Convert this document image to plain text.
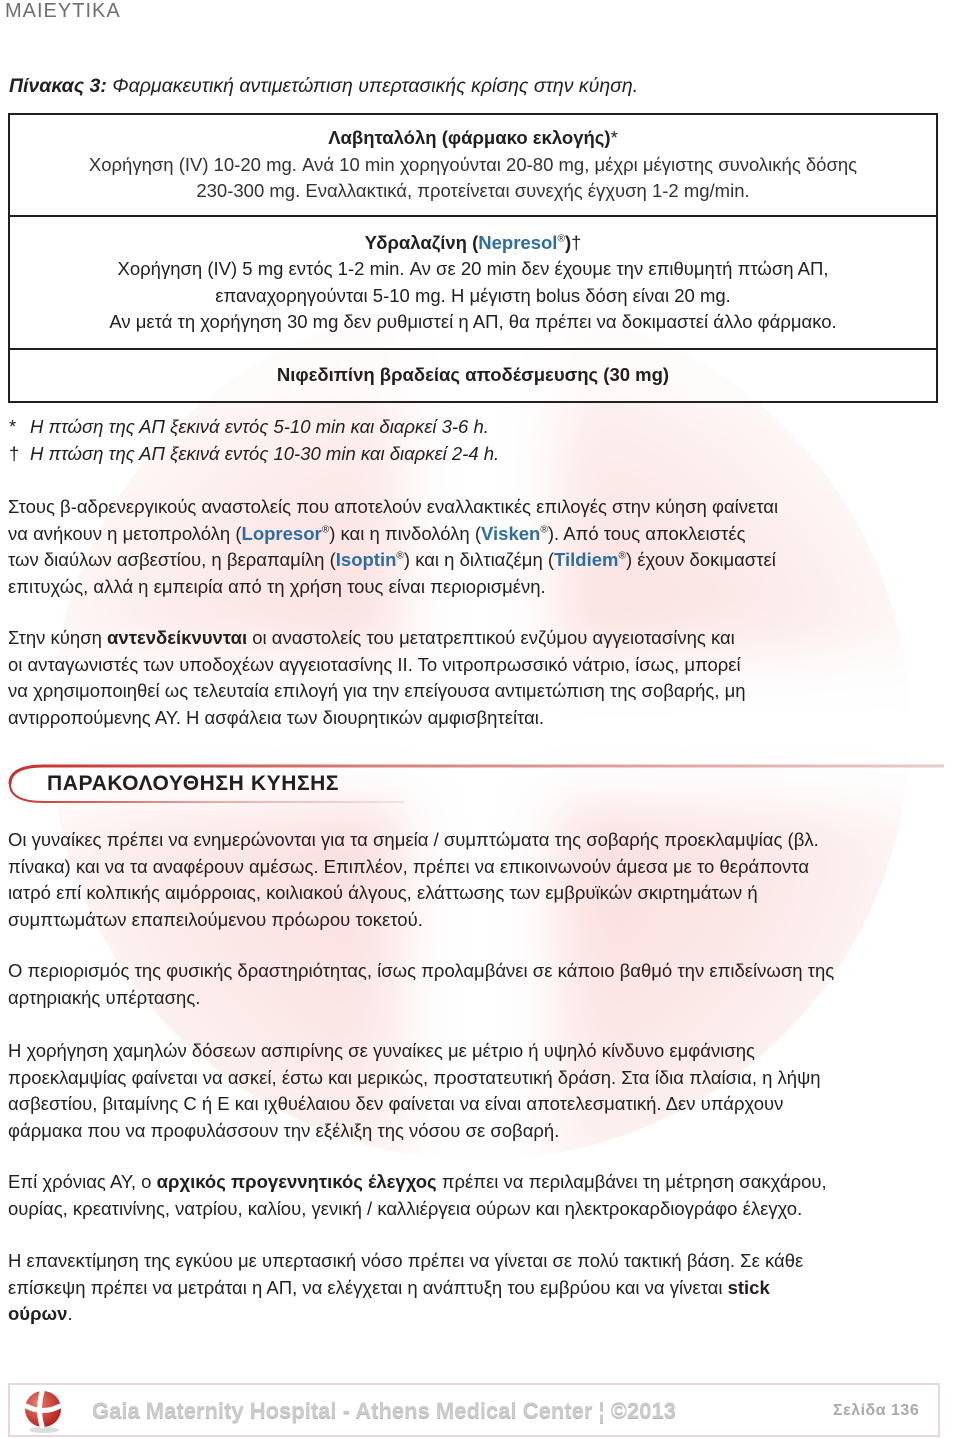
ΜΑΙΕΥΤΙΚΑ
Πίνακας 3: Φαρμακευτική αντιμετώπιση υπερτασικής κρίσης στην κύηση.
Λαβηταλόλη (φάρμακο εκλογής)*
Χορήγηση (IV) 10-20 mg. Ανά 10 min χορηγούνται 20-80 mg, μέχρι μέγιστης συνολικής δόσης
230-300 mg. Εναλλακτικά, προτείνεται συνεχής έγχυση 1-2 mg/min.
Υδραλαζίνη (Nepresol®)†
Χορήγηση (IV) 5 mg εντός 1-2 min. Αν σε 20 min δεν έχουμε την επιθυμητή πτώση ΑΠ,
επαναχορηγούνται 5-10 mg. Η μέγιστη bolus δόση είναι 20 mg.
Αν μετά τη χορήγηση 30 mg δεν ρυθμιστεί η ΑΠ, θα πρέπει να δοκιμαστεί άλλο φάρμακο.
Νιφεδιπίνη βραδείας αποδέσμευσης (30 mg)
* Η πτώση της ΑΠ ξεκινά εντός 5-10 min και διαρκεί 3-6 h.
† Η πτώση της ΑΠ ξεκινά εντός 10-30 min και διαρκεί 2-4 h.
Στους β-αδρενεργικούς αναστολείς που αποτελούν εναλλακτικές επιλογές στην κύηση φαίνεται
να ανήκουν η μετοπρολόλη (Lopresor®) και η πινδολόλη (Visken®). Από τους αποκλειστές
των διαύλων ασβεστίου, η βεραπαμίλη (Isoptin®) και η διλτιαζέμη (Tildiem®) έχουν δοκιμαστεί
επιτυχώς, αλλά η εμπειρία από τη χρήση τους είναι περιορισμένη.
Στην κύηση αντενδείκνυνται οι αναστολείς του μετατρεπτικού ενζύμου αγγειοτασίνης και
οι ανταγωνιστές των υποδοχέων αγγειοτασίνης ΙΙ. Το νιτροπρωσσικό νάτριο, ίσως, μπορεί
να χρησιμοποιηθεί ως τελευταία επιλογή για την επείγουσα αντιμετώπιση της σοβαρής, μη
αντιρροπούμενης ΑΥ. Η ασφάλεια των διουρητικών αμφισβητείται.
ΠΑΡΑΚΟΛΟΥΘΗΣΗ ΚΥΗΣΗΣ
Οι γυναίκες πρέπει να ενημερώνονται για τα σημεία / συμπτώματα της σοβαρής προεκλαμψίας (βλ.
πίνακα) και να τα αναφέρουν αμέσως. Επιπλέον, πρέπει να επικοινωνούν άμεσα με το θεράποντα
ιατρό επί κολπικής αιμόρροιας, κοιλιακού άλγους, ελάττωσης των εμβρυϊκών σκιρτημάτων ή
συμπτωμάτων επαπειλούμενου πρόωρου τοκετού.
Ο περιορισμός της φυσικής δραστηριότητας, ίσως προλαμβάνει σε κάποιο βαθμό την επιδείνωση της
αρτηριακής υπέρτασης.
Η χορήγηση χαμηλών δόσεων ασπιρίνης σε γυναίκες με μέτριο ή υψηλό κίνδυνο εμφάνισης
προεκλαμψίας φαίνεται να ασκεί, έστω και μερικώς, προστατευτική δράση. Στα ίδια πλαίσια, η λήψη
ασβεστίου, βιταμίνης C ή Ε και ιχθυέλαιου δεν φαίνεται να είναι αποτελεσματική. Δεν υπάρχουν
φάρμακα που να προφυλάσσουν την εξέλιξη της νόσου σε σοβαρή.
Επί χρόνιας ΑΥ, ο αρχικός προγεννητικός έλεγχος πρέπει να περιλαμβάνει τη μέτρηση σακχάρου,
ουρίας, κρεατινίνης, νατρίου, καλίου, γενική / καλλιέργεια ούρων και ηλεκτροκαρδιογράφο έλεγχο.
Η επανεκτίμηση της εγκύου με υπερτασική νόσο πρέπει να γίνεται σε πολύ τακτική βάση. Σε κάθε
επίσκεψη πρέπει να μετράται η ΑΠ, να ελέγχεται η ανάπτυξη του εμβρύου και να γίνεται stick
ούρων.
Gaia Maternity Hospital - Athens Medical Center ¦ ©2013	Σελίδα 136
